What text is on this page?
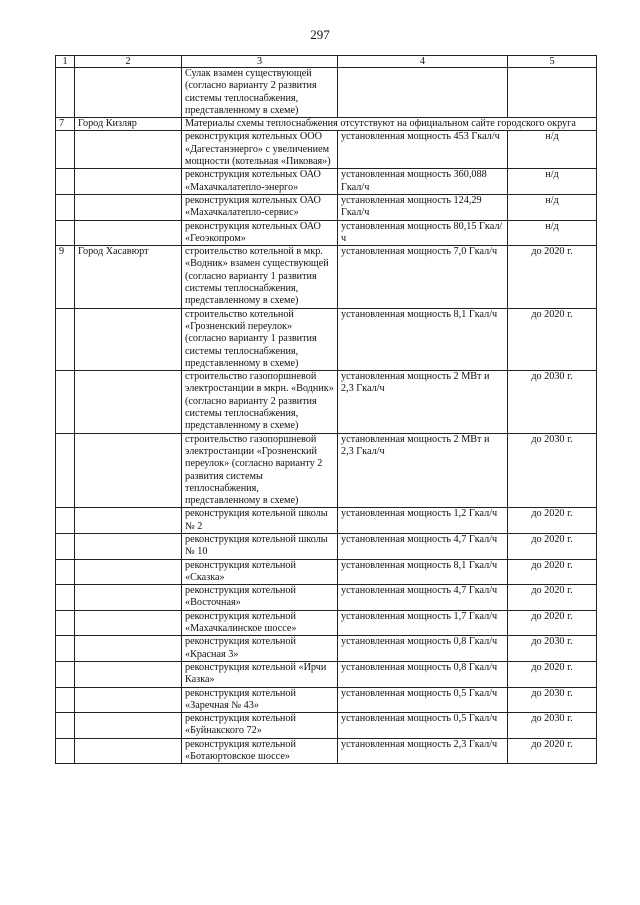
297
1	2	3	4	5
		Сулак взамен существующей (согласно варианту 2 развития системы теплоснабжения, представленному в схеме)		
7	Город Кизляр	Материалы схемы теплоснабжения отсутствуют на официальном сайте городского округа		
		реконструкция котельных ООО «Дагестанэнерго» с увеличением мощности (котельная «Пиковая»)	установленная мощность 453 Гкал/ч	н/д
		реконструкция котельных ОАО «Махачкалатепло-энерго»	установленная мощность 360,088 Гкал/ч	н/д
		реконструкция котельных ОАО «Махачкалатепло-сервис»	установленная мощность 124,29 Гкал/ч	н/д
		реконструкция котельных ОАО «Геоэкопром»	установленная мощность 80,15 Гкал/ч	н/д
9	Город Хасавюрт	строительство котельной в мкр. «Водник» взамен существующей (согласно варианту 1 развития системы теплоснабжения, представленному в схеме)	установленная мощность 7,0 Гкал/ч	до 2020 г.
		строительство котельной «Грозненский переулок» (согласно варианту 1 развития системы теплоснабжения, представленному в схеме)	установленная мощность 8,1 Гкал/ч	до 2020 г.
		строительство газопоршневой электростанции в мкрн. «Водник» (согласно варианту 2 развития системы теплоснабжения, представленному в схеме)	установленная мощность 2 МВт и 2,3 Гкал/ч	до 2030 г.
		строительство газопоршневой электростанции «Грозненский переулок» (согласно варианту 2 развития системы теплоснабжения, представленному в схеме)	установленная мощность 2 МВт и 2,3 Гкал/ч	до 2030 г.
		реконструкция котельной школы № 2	установленная мощность 1,2 Гкал/ч	до 2020 г.
		реконструкция котельной школы № 10	установленная мощность 4,7 Гкал/ч	до 2020 г.
		реконструкция котельной «Сказка»	установленная мощность 8,1 Гкал/ч	до 2020 г.
		реконструкция котельной «Восточная»	установленная мощность 4,7 Гкал/ч	до 2020 г.
		реконструкция котельной «Махачкалинское шоссе»	установленная мощность 1,7 Гкал/ч	до 2020 г.
		реконструкция котельной «Красная 3»	установленная мощность 0,8 Гкал/ч	до 2030 г.
		реконструкция котельной «Ирчи Казка»	установленная мощность 0,8 Гкал/ч	до 2020 г.
		реконструкция котельной «Заречная № 43»	установленная мощность 0,5 Гкал/ч	до 2030 г.
		реконструкция котельной «Буйнакского 72»	установленная мощность 0,5 Гкал/ч	до 2030 г.
		реконструкция котельной «Ботаюртовское шоссе»	установленная мощность 2,3 Гкал/ч	до 2020 г.
